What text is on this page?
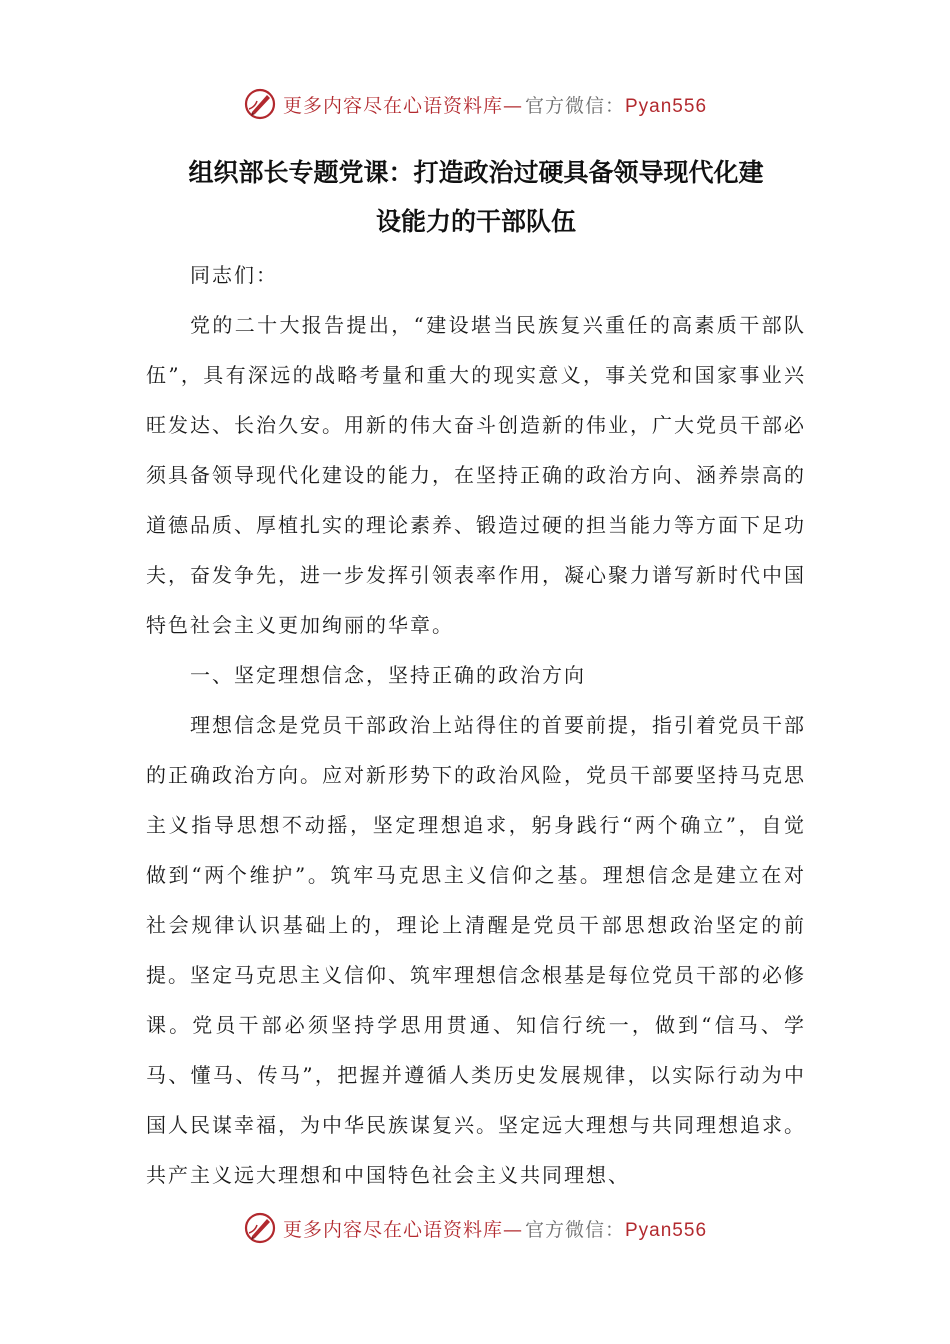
更多内容尽在心语资料库— 官方微信：Pyan556
组织部长专题党课：打造政治过硬具备领导现代化建
设能力的干部队伍

同志们：

党的二十大报告提出，“建设堪当民族复兴重任的高素质干部队伍”，具有深远的战略考量和重大的现实意义，事关党和国家事业兴旺发达、长治久安。用新的伟大奋斗创造新的伟业，广大党员干部必须具备领导现代化建设的能力，在坚持正确的政治方向、涵养崇高的道德品质、厚植扎实的理论素养、锻造过硬的担当能力等方面下足功夫，奋发争先，进一步发挥引领表率作用，凝心聚力谱写新时代中国特色社会主义更加绚丽的华章。

一、坚定理想信念，坚持正确的政治方向

理想信念是党员干部政治上站得住的首要前提，指引着党员干部的正确政治方向。应对新形势下的政治风险，党员干部要坚持马克思主义指导思想不动摇，坚定理想追求，躬身践行“两个确立”，自觉做到“两个维护”。筑牢马克思主义信仰之基。理想信念是建立在对社会规律认识基础上的，理论上清醒是党员干部思想政治坚定的前提。坚定马克思主义信仰、筑牢理想信念根基是每位党员干部的必修课。党员干部必须坚持学思用贯通、知信行统一，做到“信马、学马、懂马、传马”，把握并遵循人类历史发展规律，以实际行动为中国人民谋幸福，为中华民族谋复兴。坚定远大理想与共同理想追求。共产主义远大理想和中国特色社会主义共同理想、

更多内容尽在心语资料库— 官方微信：Pyan556
